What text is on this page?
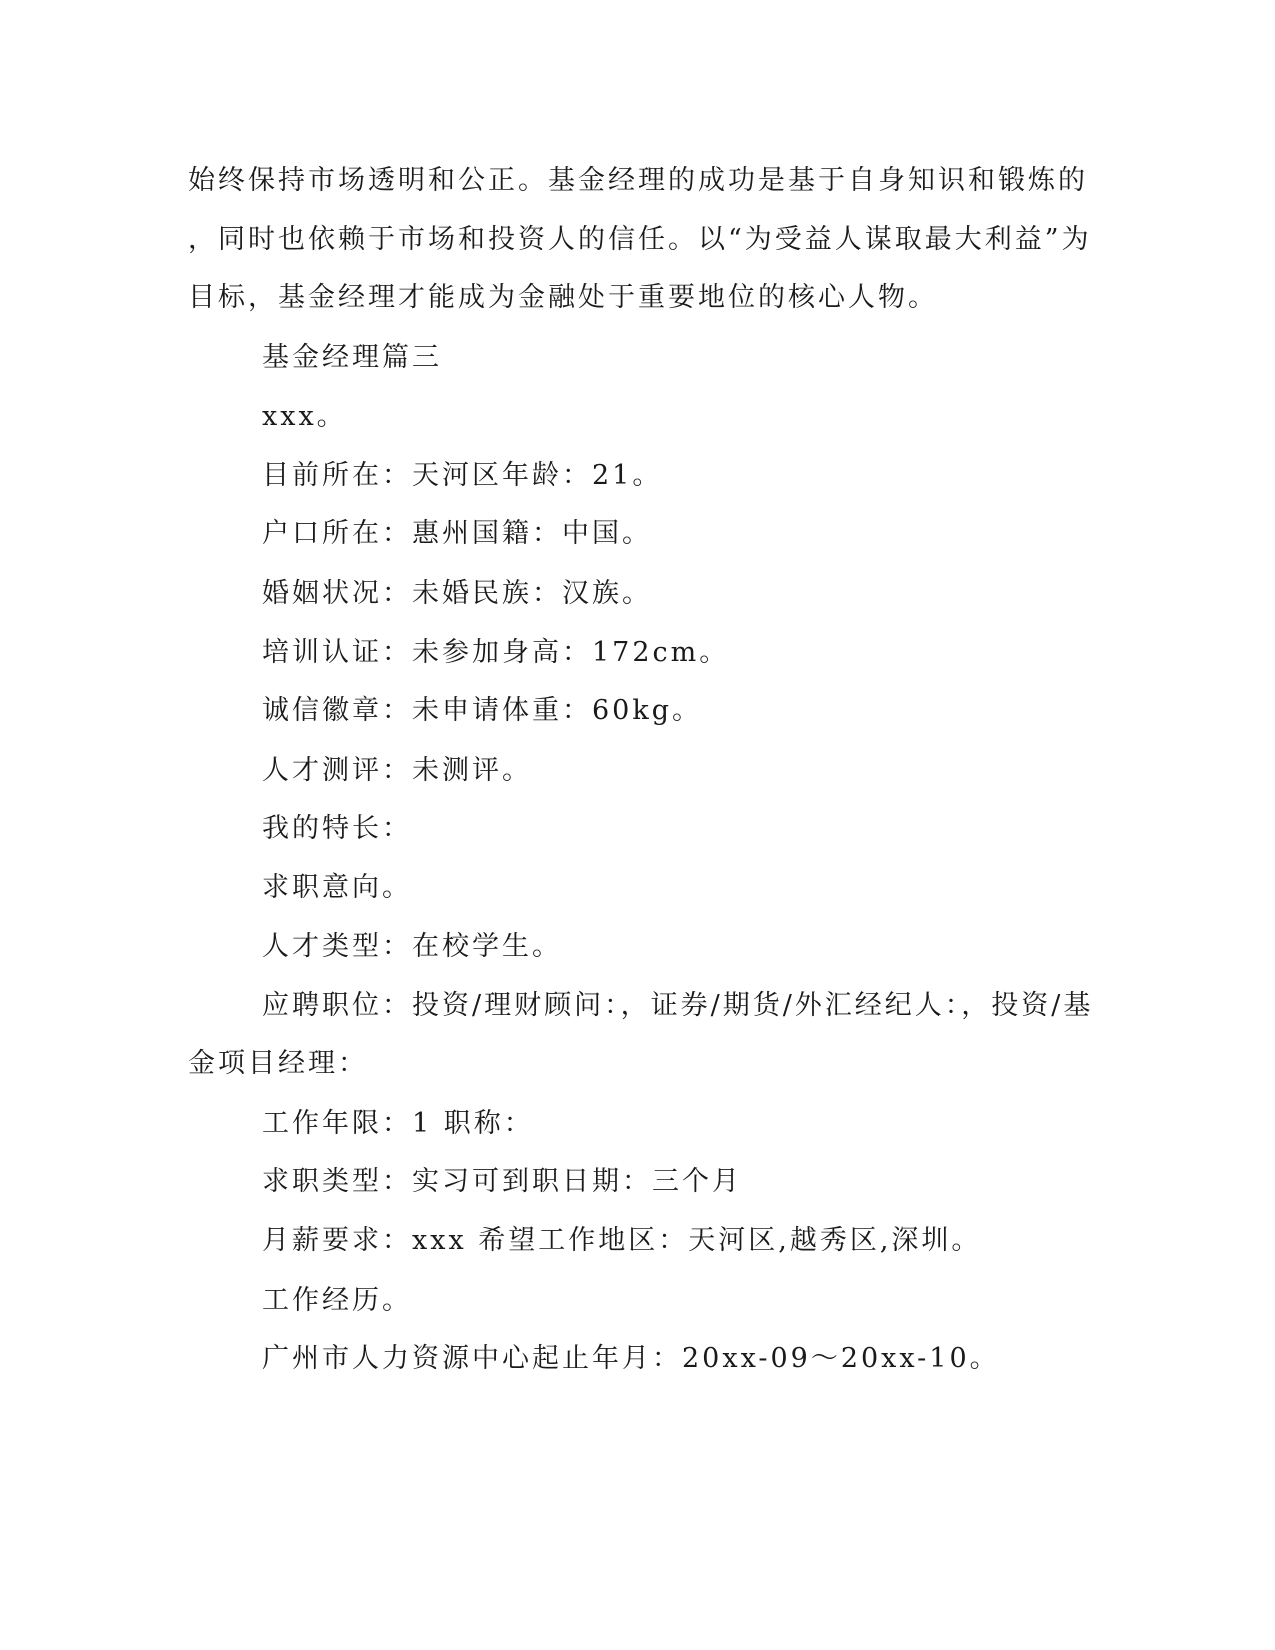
始终保持市场透明和公正。基金经理的成功是基于自身知识和锻炼的
，同时也依赖于市场和投资人的信任。以“为受益人谋取最大利益”为
目标，基金经理才能成为金融处于重要地位的核心人物。
基金经理篇三
xxx。
目前所在：天河区年龄：21。
户口所在：惠州国籍：中国。
婚姻状况：未婚民族：汉族。
培训认证：未参加身高：172cm。
诚信徽章：未申请体重：60kg。
人才测评：未测评。
我的特长：
求职意向。
人才类型：在校学生。
应聘职位：投资/理财顾问：，证券/期货/外汇经纪人：，投资/基
金项目经理：
工作年限：1 职称：
求职类型：实习可到职日期：三个月
月薪要求：xxx 希望工作地区：天河区,越秀区,深圳。
工作经历。
广州市人力资源中心起止年月：20xx-09～20xx-10。
